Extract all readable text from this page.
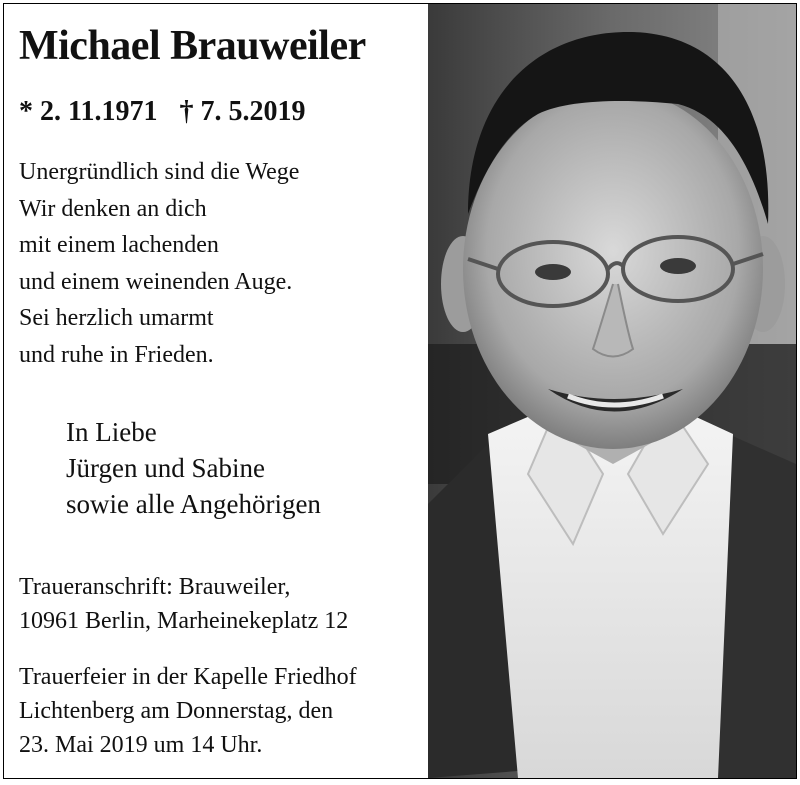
Michael Brauweiler
* 2. 11.1971 † 7. 5.2019
Unergründlich sind die Wege
Wir denken an dich
mit einem lachenden
und einem weinenden Auge.
Sei herzlich umarmt
und ruhe in Frieden.
In Liebe
Jürgen und Sabine
sowie alle Angehörigen
Traueranschrift: Brauweiler,
10961 Berlin, Marheinekeplatz 12
Trauerfeier in der Kapelle Friedhof
Lichtenberg am Donnerstag, den
23. Mai 2019 um 14 Uhr.
